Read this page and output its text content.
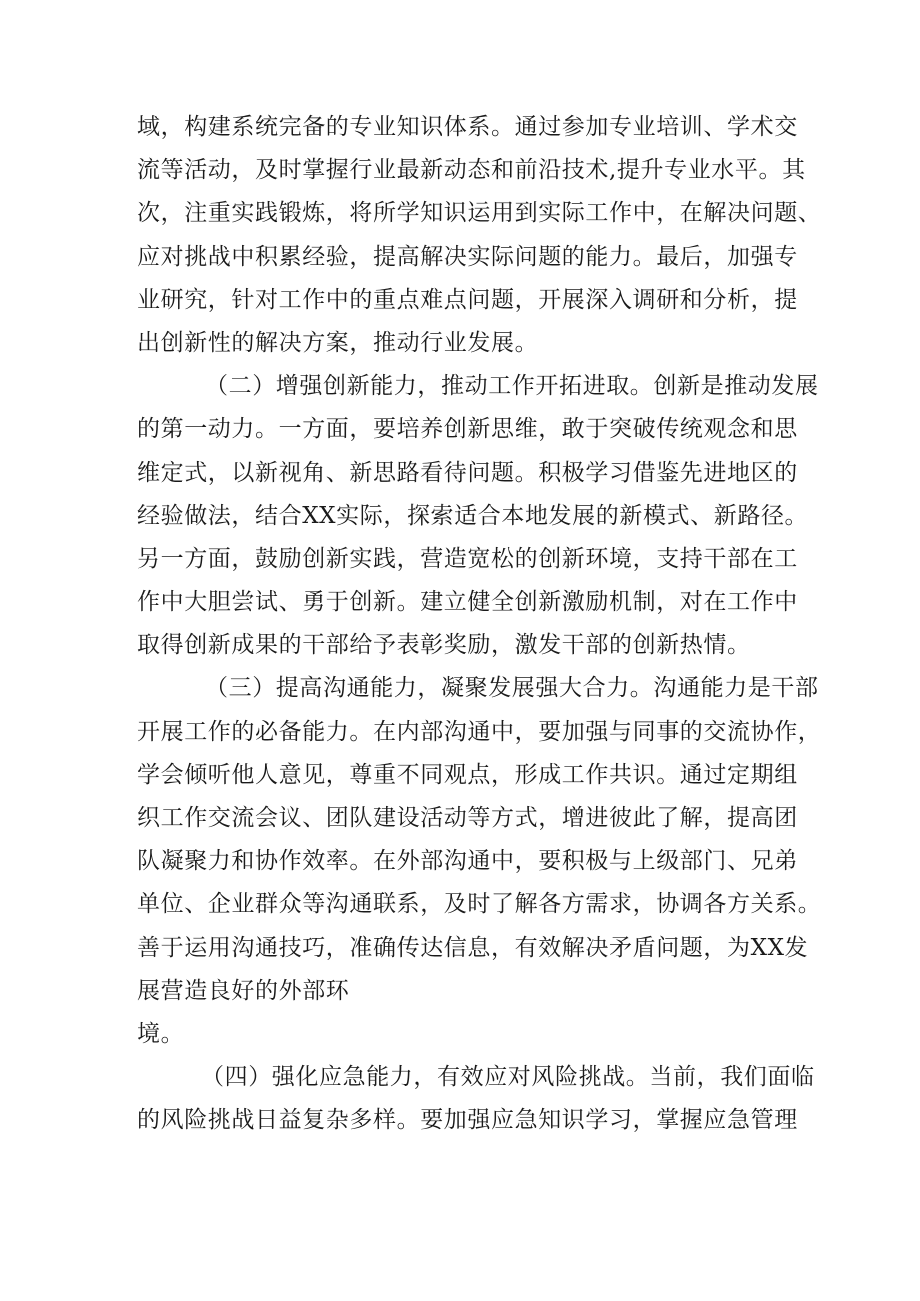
域，构建系统完备的专业知识体系。通过参加专业培训、学术交
流等活动，及时掌握行业最新动态和前沿技术,提升专业水平。其
次，注重实践锻炼，将所学知识运用到实际工作中，在解决问题、
应对挑战中积累经验，提高解决实际问题的能力。最后，加强专
业研究，针对工作中的重点难点问题，开展深入调研和分析，提
出创新性的解决方案，推动行业发展。
（二）增强创新能力，推动工作开拓进取。创新是推动发展
的第一动力。一方面，要培养创新思维，敢于突破传统观念和思
维定式，以新视角、新思路看待问题。积极学习借鉴先进地区的
经验做法，结合XX实际，探索适合本地发展的新模式、新路径。
另一方面，鼓励创新实践，营造宽松的创新环境，支持干部在工
作中大胆尝试、勇于创新。建立健全创新激励机制，对在工作中
取得创新成果的干部给予表彰奖励，激发干部的创新热情。
（三）提高沟通能力，凝聚发展强大合力。沟通能力是干部
开展工作的必备能力。在内部沟通中，要加强与同事的交流协作，
学会倾听他人意见，尊重不同观点，形成工作共识。通过定期组
织工作交流会议、团队建设活动等方式，增进彼此了解，提高团
队凝聚力和协作效率。在外部沟通中，要积极与上级部门、兄弟
单位、企业群众等沟通联系，及时了解各方需求，协调各方关系。
善于运用沟通技巧，准确传达信息，有效解决矛盾问题，为XX发
展营造良好的外部环
境。
（四）强化应急能力，有效应对风险挑战。当前，我们面临
的风险挑战日益复杂多样。要加强应急知识学习，掌握应急管理
